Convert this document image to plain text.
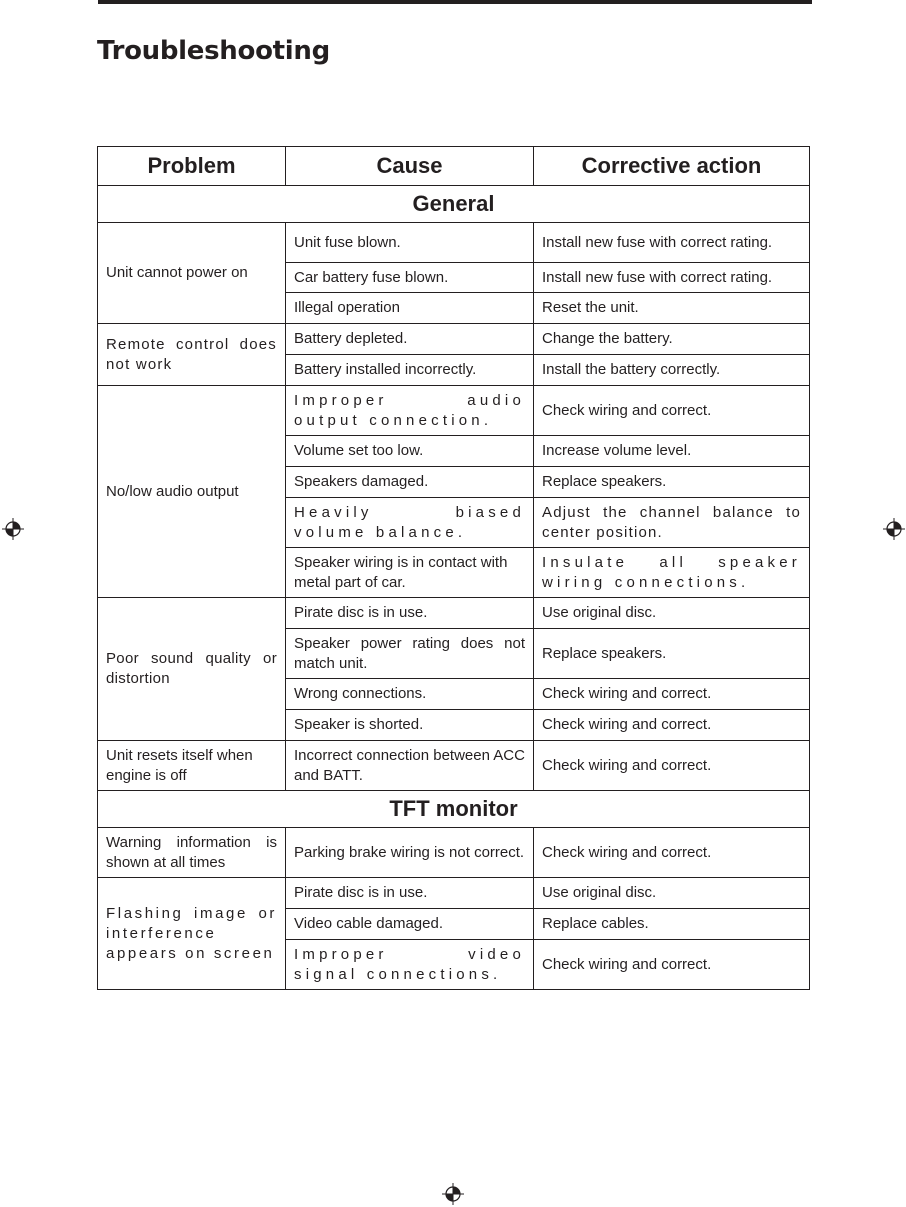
Troubleshooting
Problem	Cause	Corrective action
General		
Unit cannot power on	Unit fuse blown.	Install new fuse with correct rating.
	Car battery fuse blown.	Install new fuse with correct rating.
	Illegal operation	Reset the unit.
Remote control does not work	Battery depleted.	Change the battery.
	Battery installed incorrectly.	Install the battery correctly.
No/low audio output	Improper audio output connection.	Check wiring and correct.
	Volume set too low.	Increase volume level.
	Speakers damaged.	Replace speakers.
	Heavily biased volume balance.	Adjust the channel balance to center position.
	Speaker wiring is in contact with metal part of car.	Insulate all speaker wiring connections.
Poor sound quality or distortion	Pirate disc is in use.	Use original disc.
	Speaker power rating does not match unit.	Replace speakers.
	Wrong connections.	Check wiring and correct.
	Speaker is shorted.	Check wiring and correct.
Unit resets itself when engine is off	Incorrect connection between ACC and BATT.	Check wiring and correct.
TFT monitor		
Warning information is shown at all times	Parking brake wiring is not correct.	Check wiring and correct.
Flashing image or interference appears on screen	Pirate disc is in use.	Use original disc.
	Video cable damaged.	Replace cables.
	Improper video signal connections.	Check wiring and correct.
